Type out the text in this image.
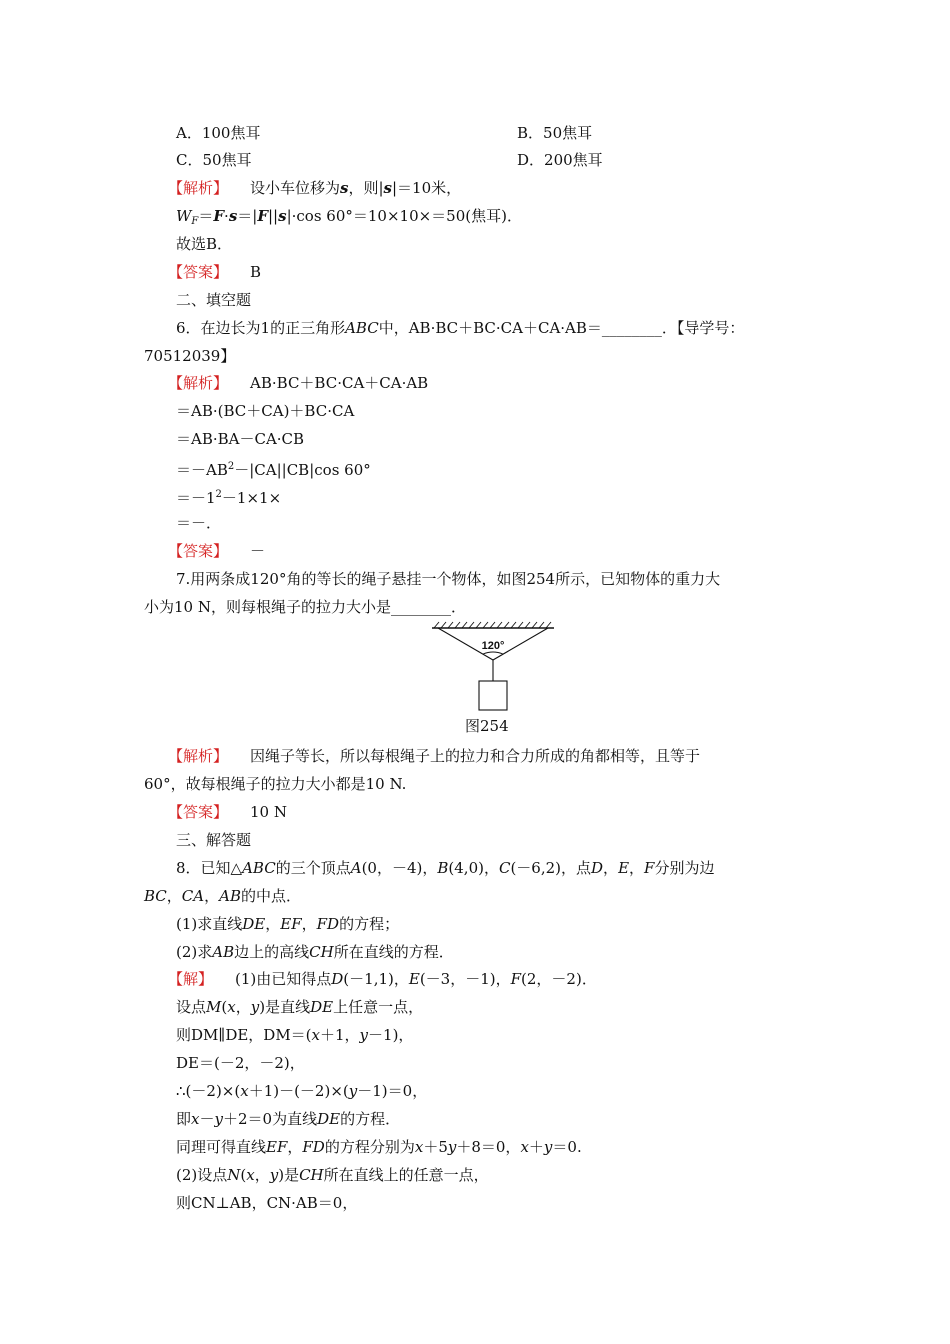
A．100焦耳	B．50焦耳
C．50焦耳	D．200焦耳
【解析】 设小车位移为s，则|s|＝10米，
$W_F=F\cdot s=|F||s|\cdot\cos$ 60°＝10×10×＝50(焦耳)．
故选B．
【答案】 B
二、填空题
6．在边长为1的正三角形ABC中，AB·BC＋BC·CA＋CA·AB＝________．【导学号：
70512039】
【解析】 AB·BC＋BC·CA＋CA·AB
＝AB·(BC＋CA)＋BC·CA
＝AB·BA－CA·CB
$=-AB^2-|CA||CB|\cos$ 60°
$=-1^2-1\times 1\times$
＝－．
【答案】 －
7.用两条成120°角的等长的绳子悬挂一个物体，如图254所示，已知物体的重力大
小为10 N，则每根绳子的拉力大小是________．
120°
图254
【解析】 因绳子等长，所以每根绳子上的拉力和合力所成的角都相等，且等于
60°，故每根绳子的拉力大小都是10 N.
【答案】 10 N
三、解答题
8．已知△ABC的三个顶点A(0，－4)，B(4,0)，C(－6,2)，点D，E，F分别为边
BC，CA，AB的中点．
(1)求直线DE，EF，FD的方程；
(2)求AB边上的高线CH所在直线的方程．
【解】 (1)由已知得点D(－1,1)，E(－3，－1)，F(2，－2)．
设点M(x，y)是直线DE上任意一点，
则DM∥DE，DM＝(x＋1，y－1)，
DE＝(－2，－2)，
∴(－2)×(x＋1)－(－2)×(y－1)＝0，
即x－y＋2＝0为直线DE的方程．
同理可得直线EF，FD的方程分别为x＋5y＋8＝0，x＋y＝0.
(2)设点N(x，y)是CH所在直线上的任意一点，
则CN⊥AB，CN·AB＝0，
